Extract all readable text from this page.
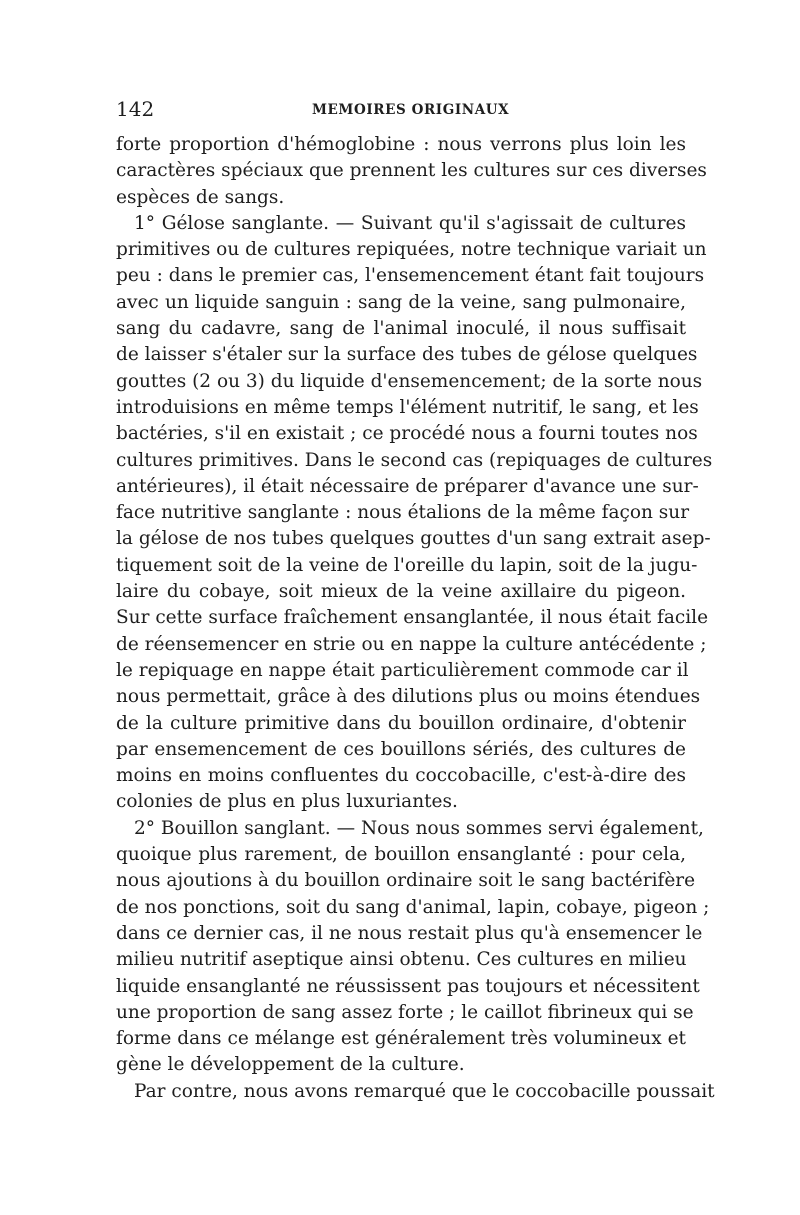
142	MEMOIRES ORIGINAUX
forte proportion d'hémoglobine : nous verrons plus loin les
caractères spéciaux que prennent les cultures sur ces diverses
espèces de sangs.
1° Gélose sanglante. — Suivant qu'il s'agissait de cultures
primitives ou de cultures repiquées, notre technique variait un
peu : dans le premier cas, l'ensemencement étant fait toujours
avec un liquide sanguin : sang de la veine, sang pulmonaire,
sang du cadavre, sang de l'animal inoculé, il nous suffisait
de laisser s'étaler sur la surface des tubes de gélose quelques
gouttes (2 ou 3) du liquide d'ensemencement; de la sorte nous
introduisions en même temps l'élément nutritif, le sang, et les
bactéries, s'il en existait ; ce procédé nous a fourni toutes nos
cultures primitives. Dans le second cas (repiquages de cultures
antérieures), il était nécessaire de préparer d'avance une sur-
face nutritive sanglante : nous étalions de la même façon sur
la gélose de nos tubes quelques gouttes d'un sang extrait asep-
tiquement soit de la veine de l'oreille du lapin, soit de la jugu-
laire du cobaye, soit mieux de la veine axillaire du pigeon.
Sur cette surface fraîchement ensanglantée, il nous était facile
de réensemencer en strie ou en nappe la culture antécédente ;
le repiquage en nappe était particulièrement commode car il
nous permettait, grâce à des dilutions plus ou moins étendues
de la culture primitive dans du bouillon ordinaire, d'obtenir
par ensemencement de ces bouillons sériés, des cultures de
moins en moins confluentes du coccobacille, c'est-à-dire des
colonies de plus en plus luxuriantes.
2° Bouillon sanglant. — Nous nous sommes servi également,
quoique plus rarement, de bouillon ensanglanté : pour cela,
nous ajoutions à du bouillon ordinaire soit le sang bactérifère
de nos ponctions, soit du sang d'animal, lapin, cobaye, pigeon ;
dans ce dernier cas, il ne nous restait plus qu'à ensemencer le
milieu nutritif aseptique ainsi obtenu. Ces cultures en milieu
liquide ensanglanté ne réussissent pas toujours et nécessitent
une proportion de sang assez forte ; le caillot fibrineux qui se
forme dans ce mélange est généralement très volumineux et
gène le développement de la culture.
Par contre, nous avons remarqué que le coccobacille poussait
